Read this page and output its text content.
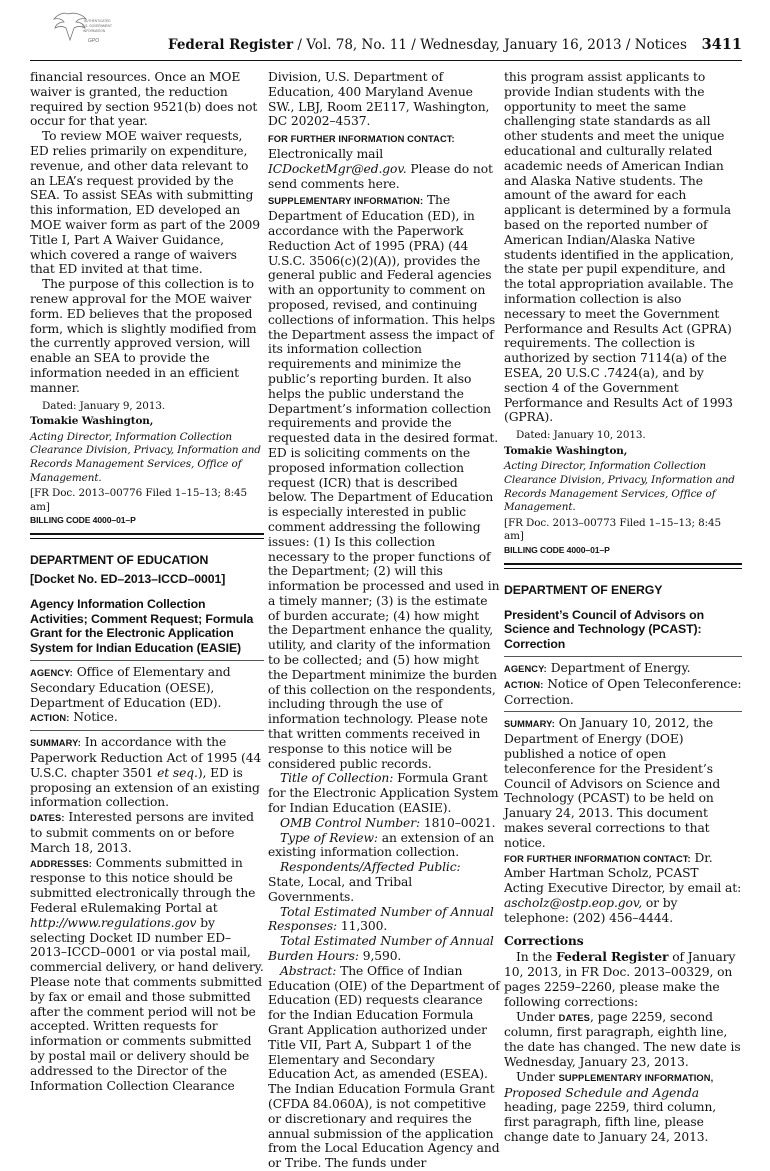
AUTHENTICATED
U.S. GOVERNMENT
INFORMATION
GPO	Federal Register / Vol. 78, No. 11 / Wednesday, January 16, 2013 / Notices 3411

financial resources. Once an MOE waiver is granted, the reduction required by section 9521(b) does not occur for that year.

To review MOE waiver requests, ED relies primarily on expenditure, revenue, and other data relevant to an LEA’s request provided by the SEA. To assist SEAs with submitting this information, ED developed an MOE waiver form as part of the 2009 Title I, Part A Waiver Guidance, which covered a range of waivers that ED invited at that time.

The purpose of this collection is to renew approval for the MOE waiver form. ED believes that the proposed form, which is slightly modified from the currently approved version, will enable an SEA to provide the information needed in an efficient manner.

Dated: January 9, 2013.

Tomakie Washington,

Acting Director, Information Collection Clearance Division, Privacy, Information and Records Management Services, Office of Management.

[FR Doc. 2013–00776 Filed 1–15–13; 8:45 am]

BILLING CODE 4000–01–P

DEPARTMENT OF EDUCATION

[Docket No. ED–2013–ICCD–0001]

Agency Information Collection Activities; Comment Request; Formula Grant for the Electronic Application System for Indian Education (EASIE)

AGENCY: Office of Elementary and Secondary Education (OESE), Department of Education (ED).

ACTION: Notice.

SUMMARY: In accordance with the Paperwork Reduction Act of 1995 (44 U.S.C. chapter 3501 et seq.), ED is proposing an extension of an existing information collection.

DATES: Interested persons are invited to submit comments on or before March 18, 2013.

ADDRESSES: Comments submitted in response to this notice should be submitted electronically through the Federal eRulemaking Portal at http://www.regulations.gov by selecting Docket ID number ED–2013–ICCD–0001 or via postal mail, commercial delivery, or hand delivery. Please note that comments submitted by fax or email and those submitted after the comment period will not be accepted. Written requests for information or comments submitted by postal mail or delivery should be addressed to the Director of the Information Collection Clearance

Division, U.S. Department of Education, 400 Maryland Avenue SW., LBJ, Room 2E117, Washington, DC 20202–4537.

FOR FURTHER INFORMATION CONTACT: Electronically mail ICDocketMgr@ed.gov. Please do not send comments here.

SUPPLEMENTARY INFORMATION: The Department of Education (ED), in accordance with the Paperwork Reduction Act of 1995 (PRA) (44 U.S.C. 3506(c)(2)(A)), provides the general public and Federal agencies with an opportunity to comment on proposed, revised, and continuing collections of information. This helps the Department assess the impact of its information collection requirements and minimize the public’s reporting burden. It also helps the public understand the Department’s information collection requirements and provide the requested data in the desired format. ED is soliciting comments on the proposed information collection request (ICR) that is described below. The Department of Education is especially interested in public comment addressing the following issues: (1) Is this collection necessary to the proper functions of the Department; (2) will this information be processed and used in a timely manner; (3) is the estimate of burden accurate; (4) how might the Department enhance the quality, utility, and clarity of the information to be collected; and (5) how might the Department minimize the burden of this collection on the respondents, including through the use of information technology. Please note that written comments received in response to this notice will be considered public records.

Title of Collection: Formula Grant for the Electronic Application System for Indian Education (EASIE).

OMB Control Number: 1810–0021.

Type of Review: an extension of an existing information collection.

Respondents/Affected Public: State, Local, and Tribal Governments.

Total Estimated Number of Annual Responses: 11,300.

Total Estimated Number of Annual Burden Hours: 9,590.

Abstract: The Office of Indian Education (OIE) of the Department of Education (ED) requests clearance for the Indian Education Formula Grant Application authorized under Title VII, Part A, Subpart 1 of the Elementary and Secondary Education Act, as amended (ESEA). The Indian Education Formula Grant (CFDA 84.060A), is not competitive or discretionary and requires the annual submission of the application from the Local Education Agency and or Tribe. The funds under

this program assist applicants to provide Indian students with the opportunity to meet the same challenging state standards as all other students and meet the unique educational and culturally related academic needs of American Indian and Alaska Native students. The amount of the award for each applicant is determined by a formula based on the reported number of American Indian/Alaska Native students identified in the application, the state per pupil expenditure, and the total appropriation available. The information collection is also necessary to meet the Government Performance and Results Act (GPRA) requirements. The collection is authorized by section 7114(a) of the ESEA, 20 U.S.C .7424(a), and by section 4 of the Government Performance and Results Act of 1993 (GPRA).

Dated: January 10, 2013.

Tomakie Washington,

Acting Director, Information Collection Clearance Division, Privacy, Information and Records Management Services, Office of Management.

[FR Doc. 2013–00773 Filed 1–15–13; 8:45 am]

BILLING CODE 4000–01–P

DEPARTMENT OF ENERGY

President’s Council of Advisors on Science and Technology (PCAST): Correction

AGENCY: Department of Energy.

ACTION: Notice of Open Teleconference: Correction.

SUMMARY: On January 10, 2012, the Department of Energy (DOE) published a notice of open teleconference for the President’s Council of Advisors on Science and Technology (PCAST) to be held on January 24, 2013. This document makes several corrections to that notice.

FOR FURTHER INFORMATION CONTACT: Dr. Amber Hartman Scholz, PCAST Acting Executive Director, by email at: ascholz@ostp.eop.gov, or by telephone: (202) 456–4444.

Corrections

In the Federal Register of January 10, 2013, in FR Doc. 2013–00329, on pages 2259–2260, please make the following corrections:

Under DATES, page 2259, second column, first paragraph, eighth line, the date has changed. The new date is Wednesday, January 23, 2013.

Under SUPPLEMENTARY INFORMATION, Proposed Schedule and Agenda heading, page 2259, third column, first paragraph, fifth line, please change date to January 24, 2013.
